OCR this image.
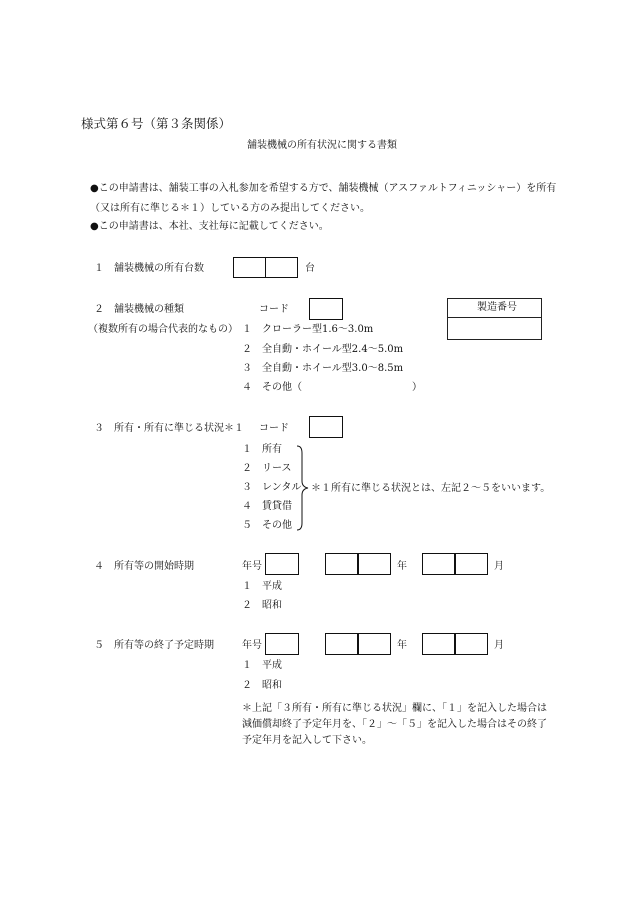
様式第６号（第３条関係）
舗装機械の所有状況に関する書類
●この申請書は、舗装工事の入札参加を希望する方で、舗装機械（アスファルトフィニッシャー）を所有
（又は所有に準じる＊１）している方のみ提出してください。
●この申請書は、本社、支社毎に記載してください。
１　舗装機械の所有台数	台
２　舗装機械の種類
（複数所有の場合代表的なもの）
コード	製造番号
１　クローラー型1.6～3.0m
２　全自動・ホイール型2.4～5.0m
３　全自動・ホイール型3.0～8.5m
４　その他（　　　　　　　　　　　）
３　所有・所有に準じる状況＊１ コード
１　所有
２　リース
３　レンタル
４　賃貸借
５　その他
＊１所有に準じる状況とは、左記２～５をいいます。
４　所有等の開始時期	年号	年	月
１　平成
２　昭和
５　所有等の終了予定時期	年号	年	月
１　平成
２　昭和
＊上記「３所有・所有に準じる状況」欄に、「１」を記入した場合は
減価償却終了予定年月を、「２」～「５」を記入した場合はその終了
予定年月を記入して下さい。
